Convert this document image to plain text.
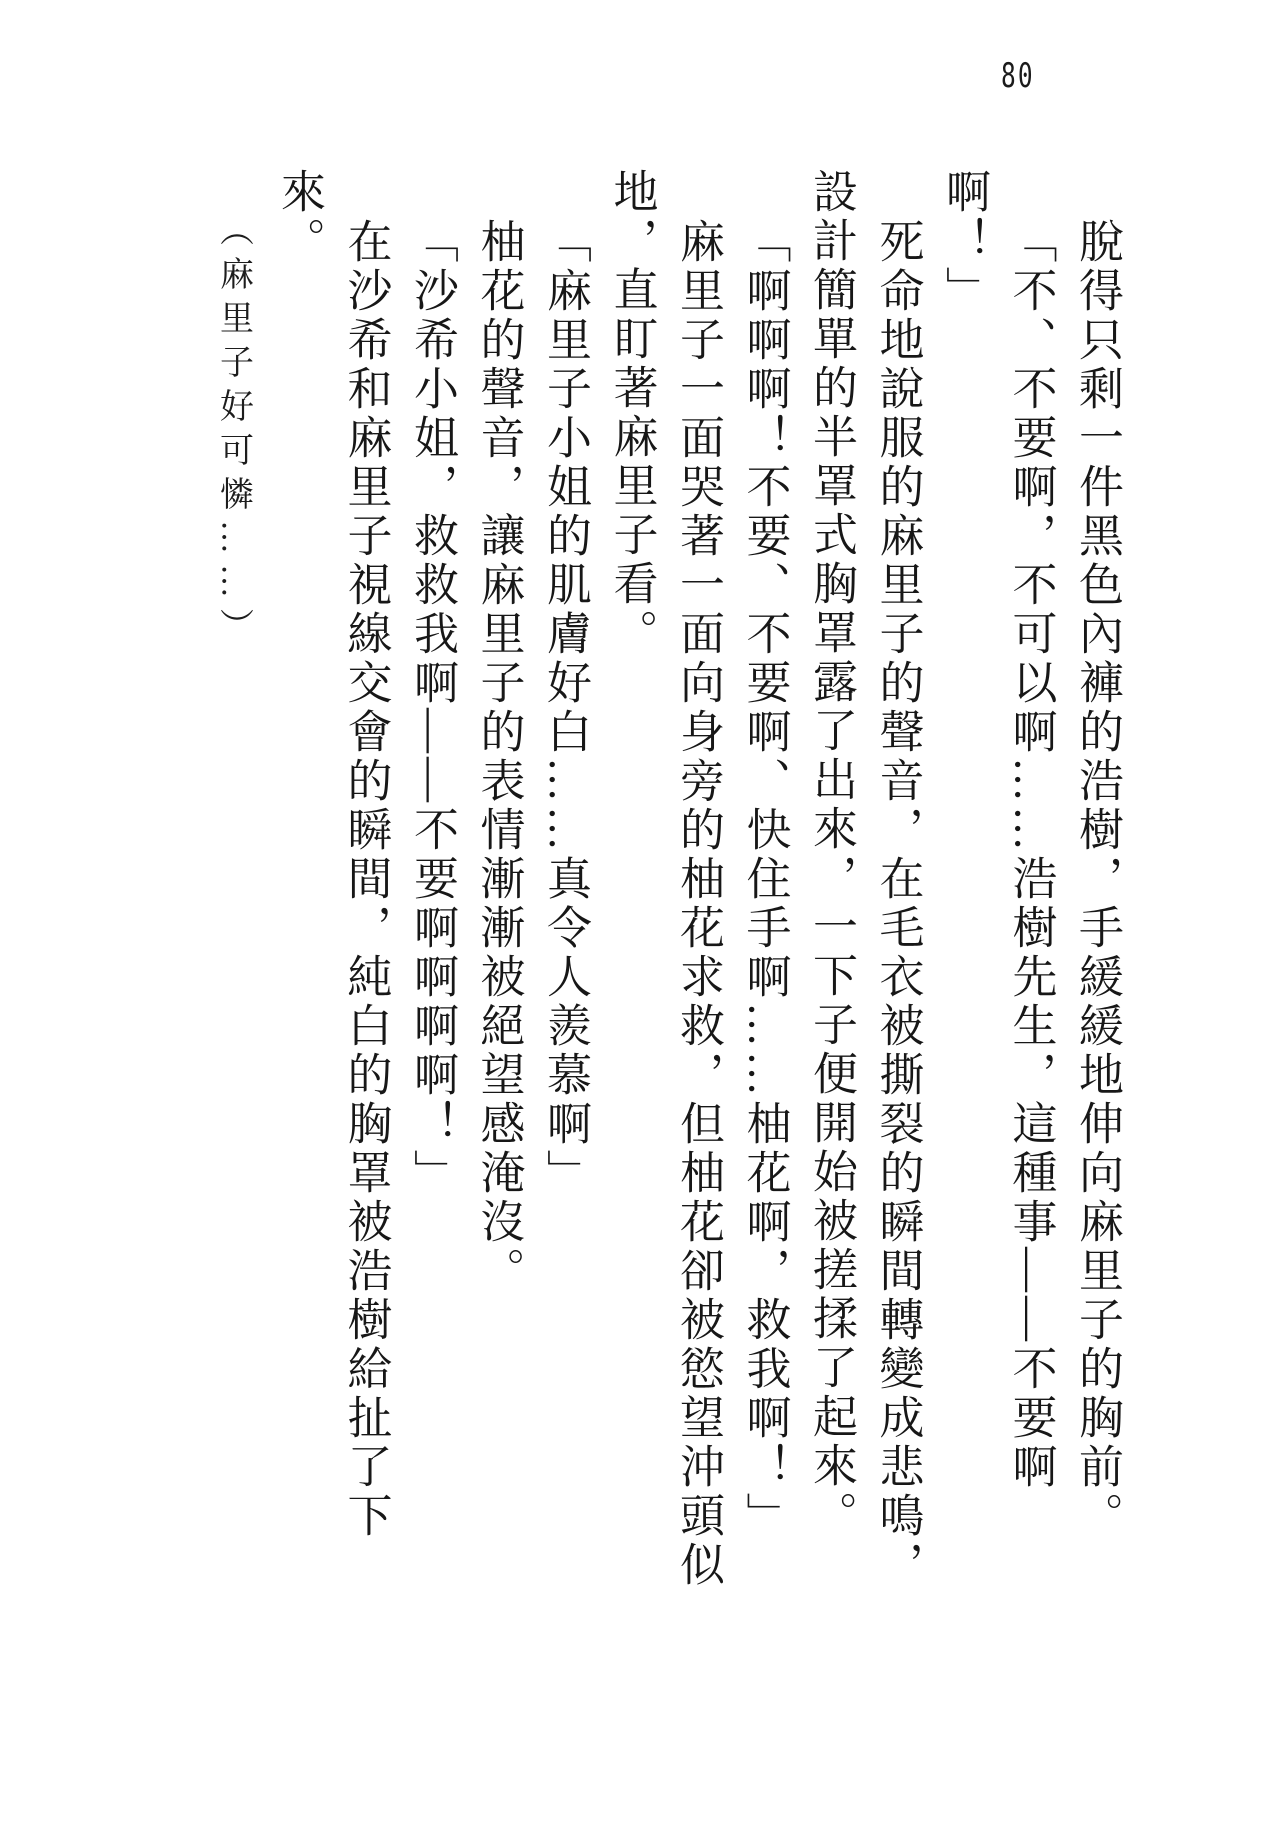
80
脫得只剩一件黑色內褲的浩樹，手緩緩地伸向麻里子的胸前。
「不、不要啊，不可以啊……浩樹先生，這種事——不要啊
啊！」
死命地說服的麻里子的聲音，在毛衣被撕裂的瞬間轉變成悲鳴，
設計簡單的半罩式胸罩露了出來，一下子便開始被搓揉了起來。
「啊啊啊！不要、不要啊、快住手啊……柚花啊，救我啊！」
麻里子一面哭著一面向身旁的柚花求救，但柚花卻被慾望沖頭似
地，直盯著麻里子看。
「麻里子小姐的肌膚好白……真令人羨慕啊」
柚花的聲音，讓麻里子的表情漸漸被絕望感淹沒。
「沙希小姐，救救我啊——不要啊啊啊啊！」
在沙希和麻里子視線交會的瞬間，純白的胸罩被浩樹給扯了下
來。
（麻里子好可憐……）
